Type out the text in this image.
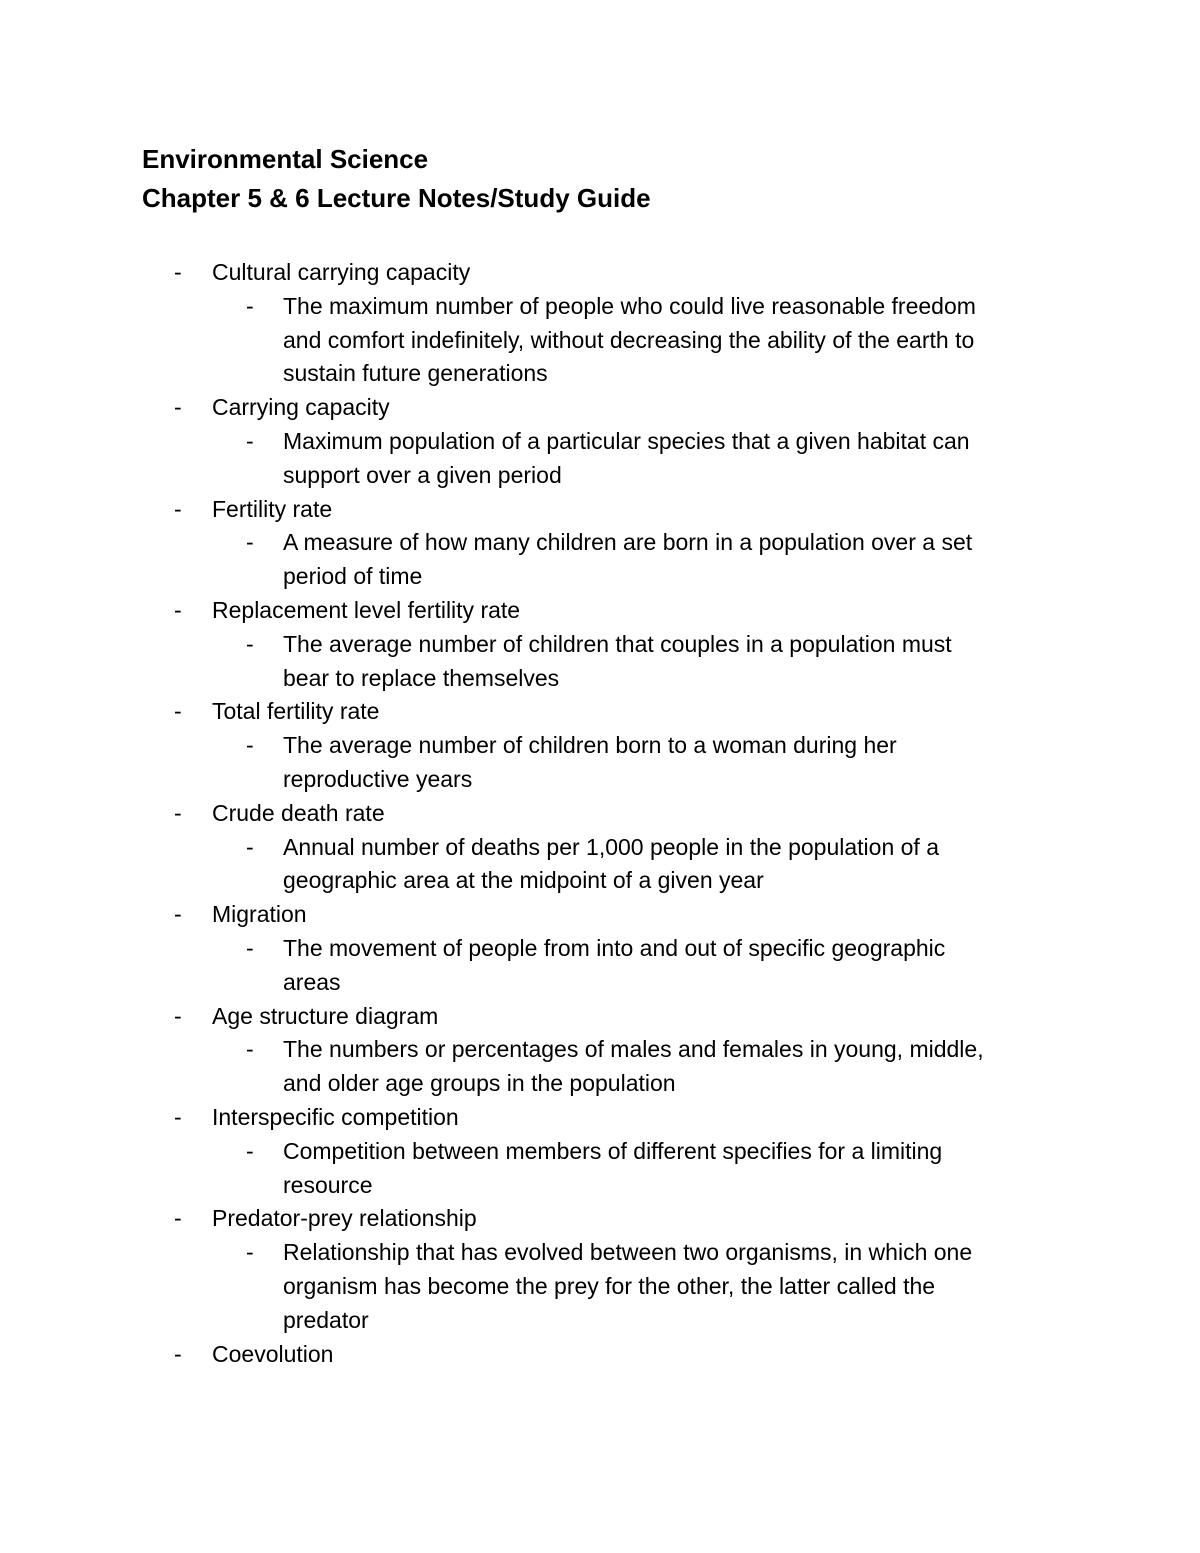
Environmental Science
Chapter 5 & 6 Lecture Notes/Study Guide
- Cultural carrying capacity
- The maximum number of people who could live reasonable freedom
and comfort indefinitely, without decreasing the ability of the earth to
sustain future generations
- Carrying capacity
- Maximum population of a particular species that a given habitat can
support over a given period
- Fertility rate
- A measure of how many children are born in a population over a set
period of time
- Replacement level fertility rate
- The average number of children that couples in a population must
bear to replace themselves
- Total fertility rate
- The average number of children born to a woman during her
reproductive years
- Crude death rate
- Annual number of deaths per 1,000 people in the population of a
geographic area at the midpoint of a given year
- Migration
- The movement of people from into and out of specific geographic
areas
- Age structure diagram
- The numbers or percentages of males and females in young, middle,
and older age groups in the population
- Interspecific competition
- Competition between members of different specifies for a limiting
resource
- Predator-prey relationship
- Relationship that has evolved between two organisms, in which one
organism has become the prey for the other, the latter called the
predator
- Coevolution
